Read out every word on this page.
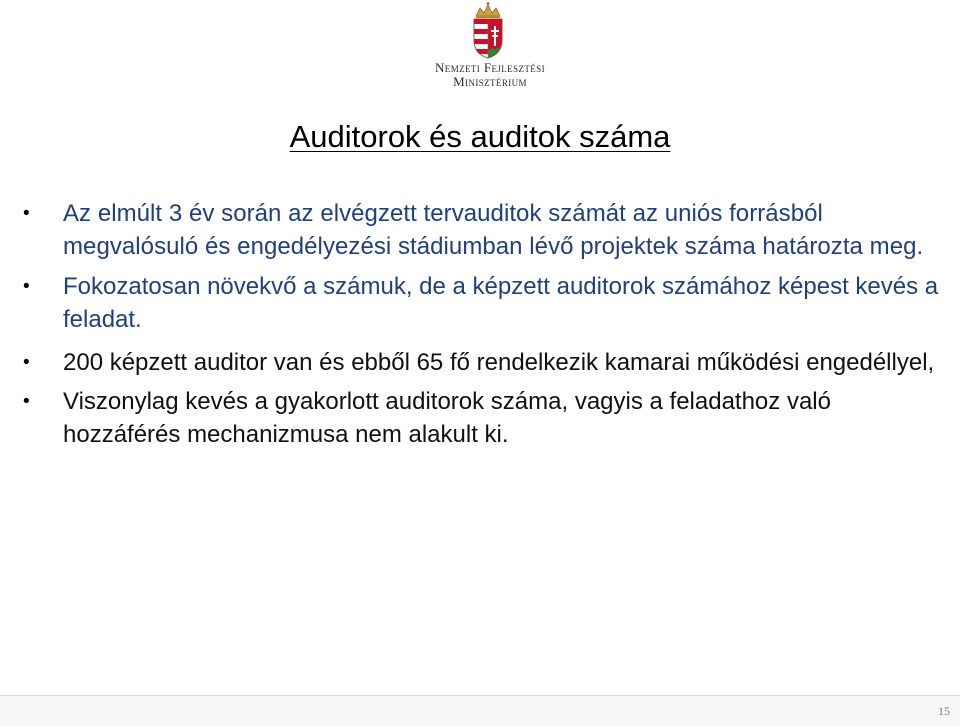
Nemzeti Fejlesztési
Minisztérium
Auditorok és auditok száma
• Az elmúlt 3 év során az elvégzett tervauditok számát az uniós forrásból megvalósuló és engedélyezési stádiumban lévő projektek száma határozta meg.
• Fokozatosan növekvő a számuk, de a képzett auditorok számához képest kevés a feladat.
• 200 képzett auditor van és ebből 65 fő rendelkezik kamarai működési engedéllyel,
• Viszonylag kevés a gyakorlott auditorok száma, vagyis a feladathoz való hozzáférés mechanizmusa nem alakult ki.
15
